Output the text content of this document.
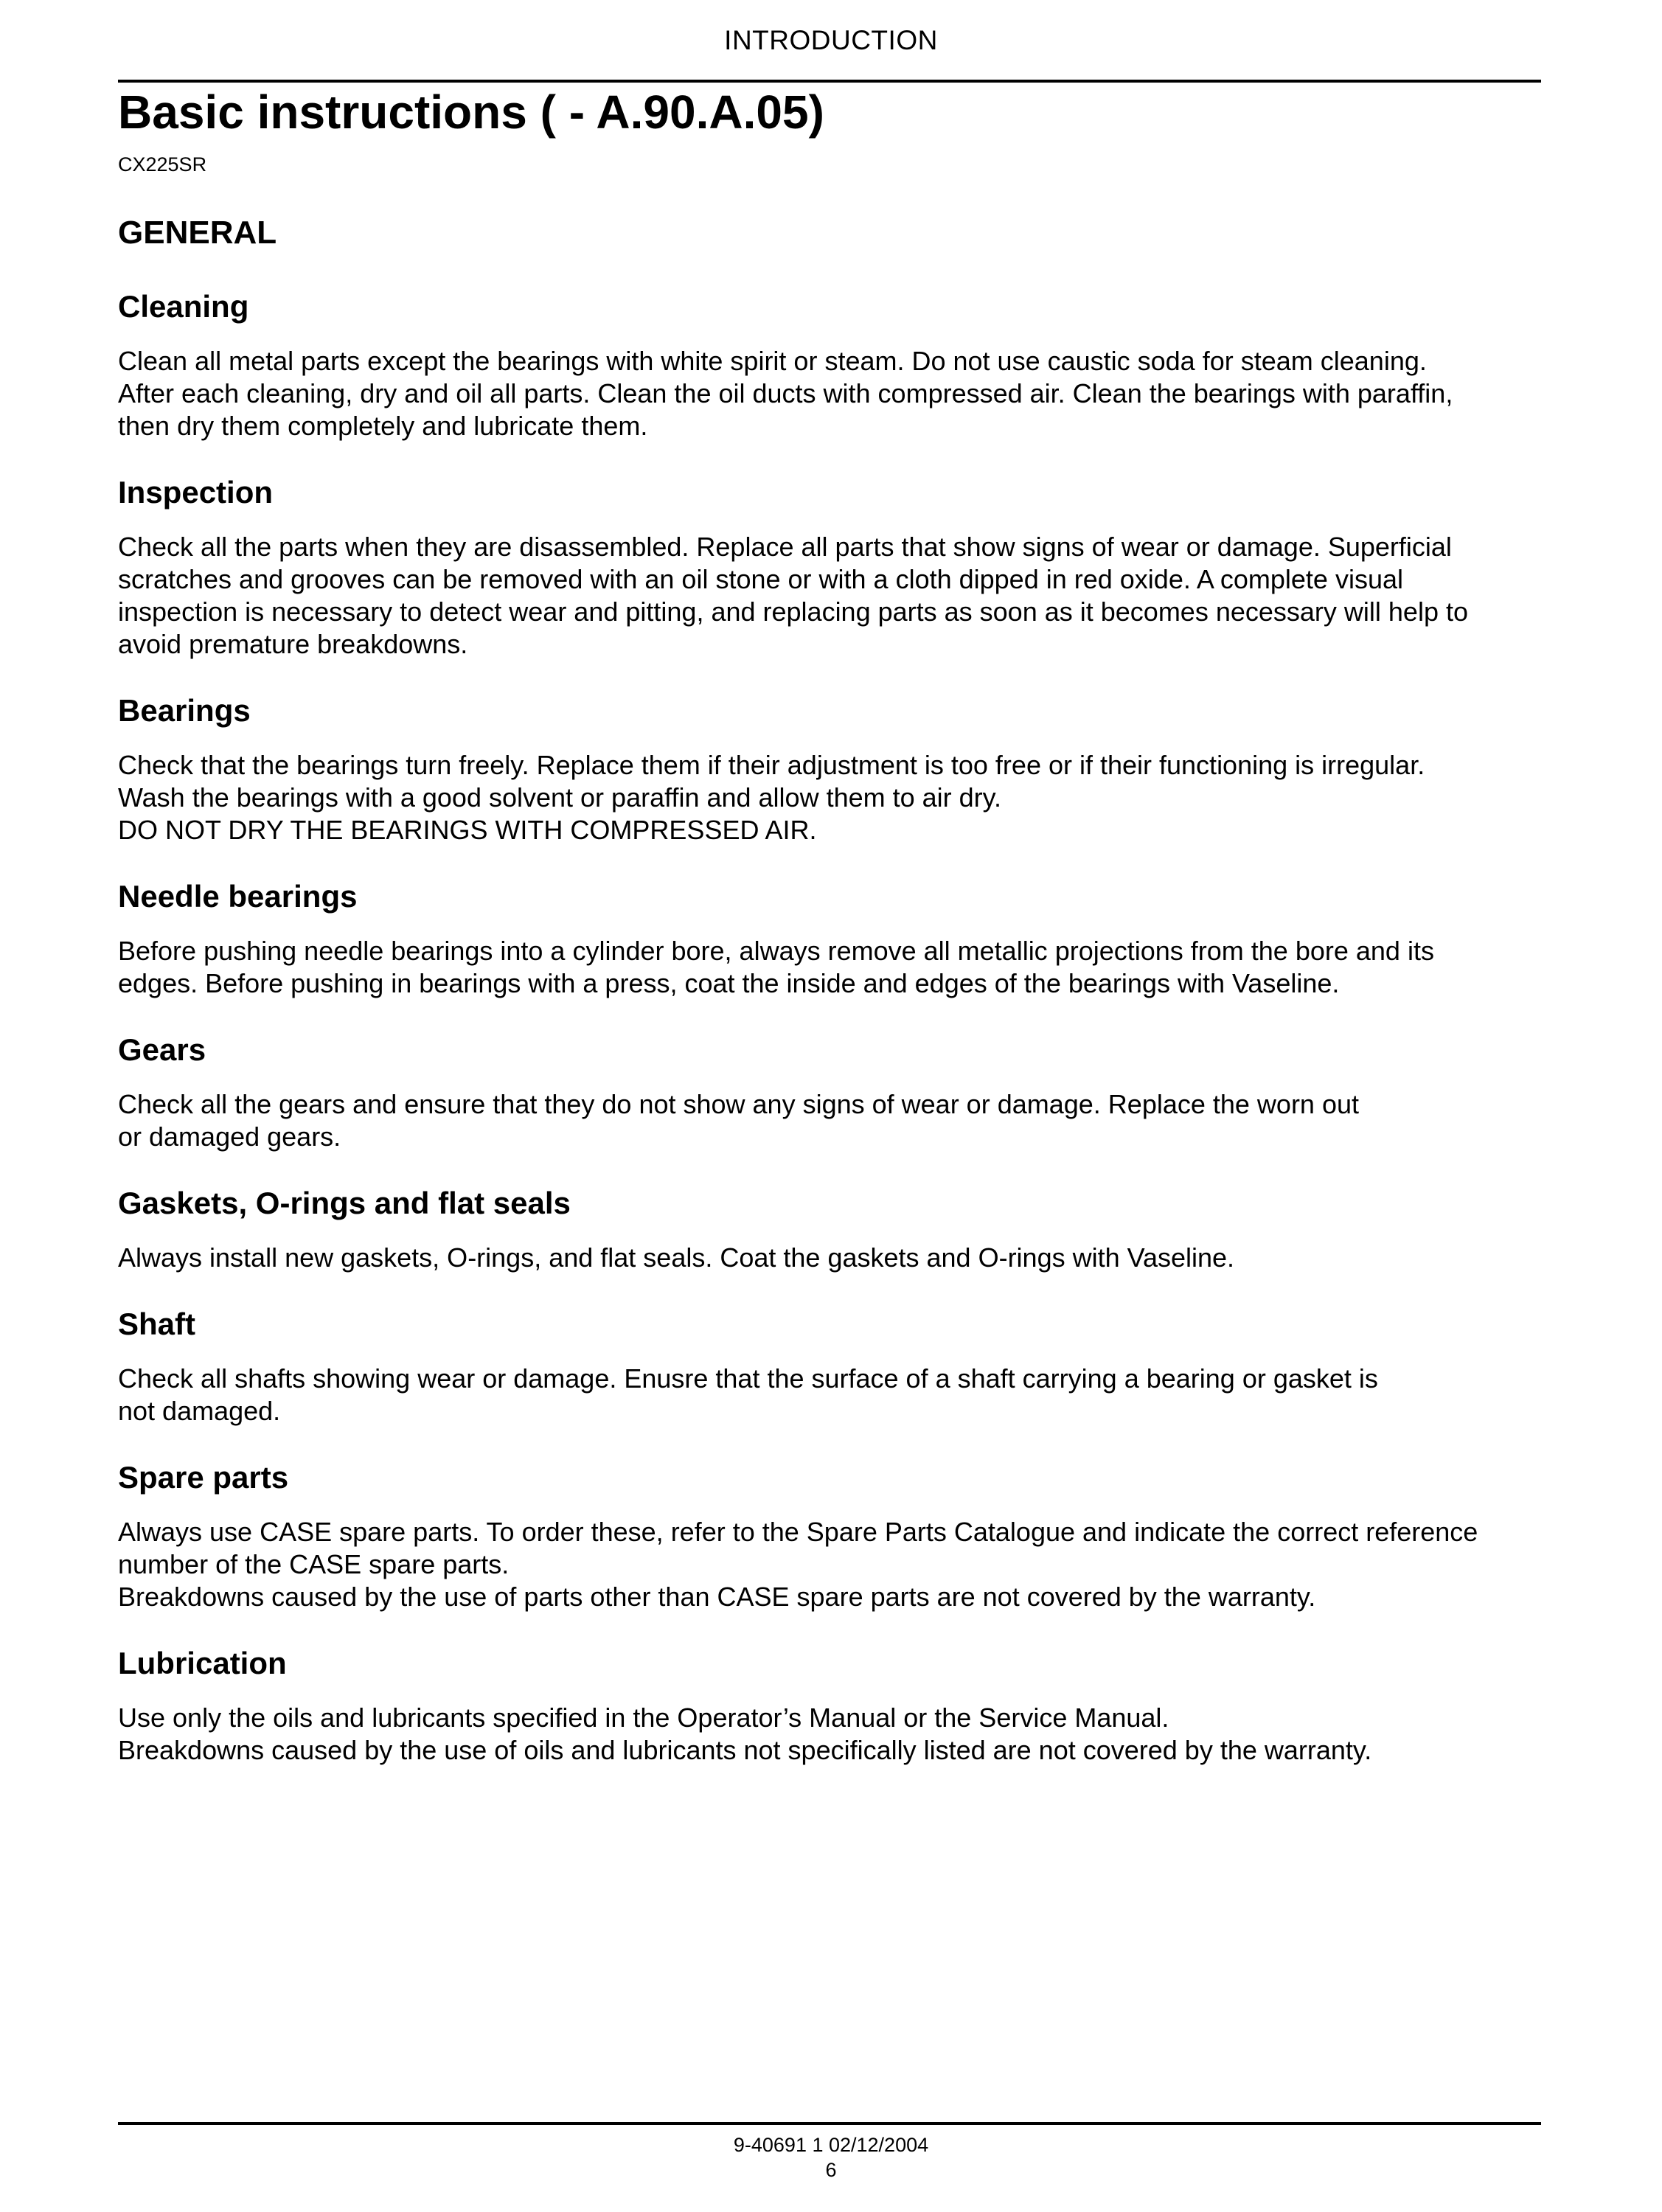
INTRODUCTION
Basic instructions ( - A.90.A.05)
CX225SR
GENERAL
Cleaning

Clean all metal parts except the bearings with white spirit or steam. Do not use caustic soda for steam cleaning.
After each cleaning, dry and oil all parts. Clean the oil ducts with compressed air. Clean the bearings with paraffin,
then dry them completely and lubricate them.

Inspection

Check all the parts when they are disassembled. Replace all parts that show signs of wear or damage. Superficial
scratches and grooves can be removed with an oil stone or with a cloth dipped in red oxide. A complete visual
inspection is necessary to detect wear and pitting, and replacing parts as soon as it becomes necessary will help to
avoid premature breakdowns.

Bearings

Check that the bearings turn freely. Replace them if their adjustment is too free or if their functioning is irregular.
Wash the bearings with a good solvent or paraffin and allow them to air dry.
DO NOT DRY THE BEARINGS WITH COMPRESSED AIR.

Needle bearings

Before pushing needle bearings into a cylinder bore, always remove all metallic projections from the bore and its
edges. Before pushing in bearings with a press, coat the inside and edges of the bearings with Vaseline.

Gears

Check all the gears and ensure that they do not show any signs of wear or damage. Replace the worn out
or damaged gears.

Gaskets, O-rings and flat seals

Always install new gaskets, O-rings, and flat seals. Coat the gaskets and O-rings with Vaseline.

Shaft

Check all shafts showing wear or damage. Enusre that the surface of a shaft carrying a bearing or gasket is
not damaged.

Spare parts

Always use CASE spare parts. To order these, refer to the Spare Parts Catalogue and indicate the correct reference
number of the CASE spare parts.
Breakdowns caused by the use of parts other than CASE spare parts are not covered by the warranty.

Lubrication

Use only the oils and lubricants specified in the Operator’s Manual or the Service Manual.
Breakdowns caused by the use of oils and lubricants not specifically listed are not covered by the warranty.

9-40691 1 02/12/2004
6
